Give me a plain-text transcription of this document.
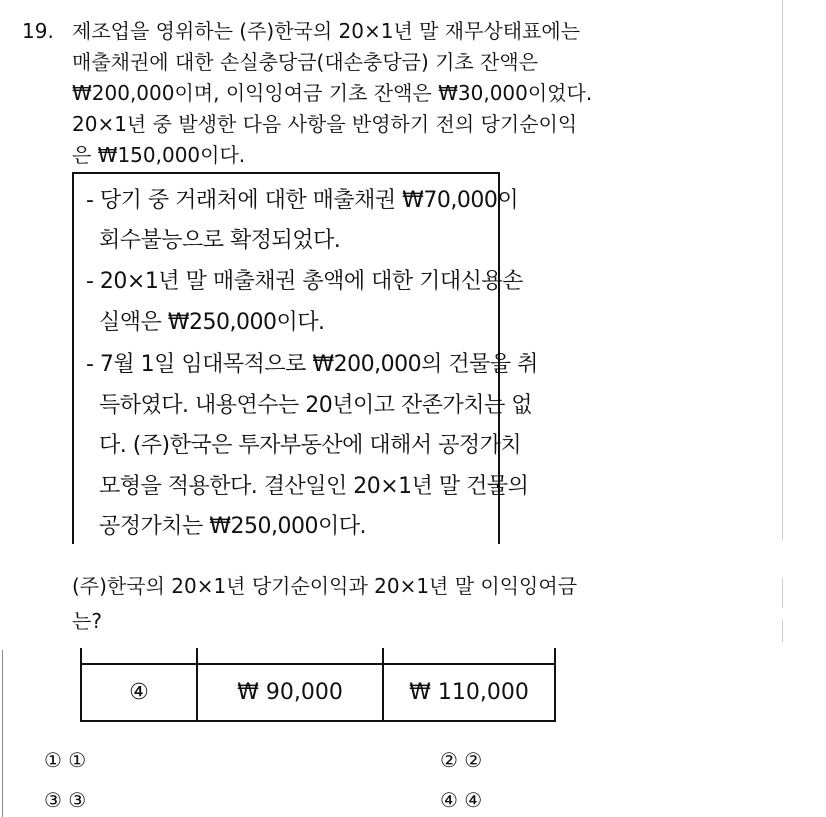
19. 제조업을 영위하는 (주)한국의 20×1년 말 재무상태표에는
매출채권에 대한 손실충당금(대손충당금) 기초 잔액은
₩200,000이며, 이익잉여금 기초 잔액은 ₩30,000이었다.
20×1년 중 발생한 다음 사항을 반영하기 전의 당기순이익
은 ₩150,000이다.
- 당기 중 거래처에 대한 매출채권 ₩70,000이
회수불능으로 확정되었다.
- 20×1년 말 매출채권 총액에 대한 기대신용손
실액은 ₩250,000이다.
- 7월 1일 임대목적으로 ₩200,000의 건물을 취
득하였다. 내용연수는 20년이고 잔존가치는 없
다. (주)한국은 투자부동산에 대해서 공정가치
모형을 적용한다. 결산일인 20×1년 말 건물의
공정가치는 ₩250,000이다.
(주)한국의 20×1년 당기순이익과 20×1년 말 이익잉여금
는?

④	₩ 90,000	₩ 110,000
① ①	② ②
③ ③	④ ④
